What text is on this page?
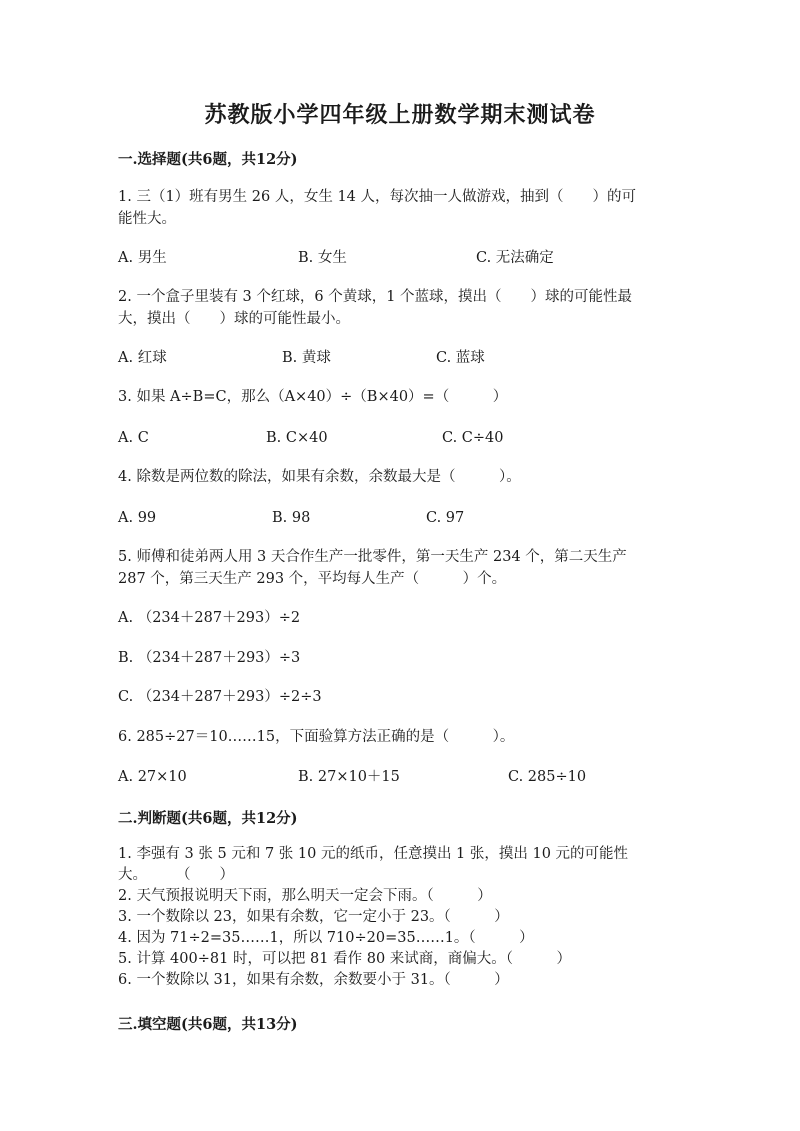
苏教版小学四年级上册数学期末测试卷
一.选择题(共6题，共12分)
1. 三（1）班有男生 26 人，女生 14 人，每次抽一人做游戏，抽到（　　）的可
能性大。
A. 男生	B. 女生	C. 无法确定
2. 一个盒子里装有 3 个红球，6 个黄球，1 个蓝球，摸出（　　）球的可能性最
大，摸出（　　）球的可能性最小。
A. 红球	B. 黄球	C. 蓝球
3. 如果 A÷B=C，那么（A×40）÷（B×40）=（　　　）
A. C	B. C×40	C. C÷40
4. 除数是两位数的除法，如果有余数，余数最大是（　　　）。
A. 99	B. 98	C. 97
5. 师傅和徒弟两人用 3 天合作生产一批零件，第一天生产 234 个，第二天生产
287 个，第三天生产 293 个，平均每人生产（　　　）个。
A. （234＋287＋293）÷2
B. （234＋287＋293）÷3
C. （234＋287＋293）÷2÷3
6. 285÷27＝10……15，下面验算方法正确的是（　　　）。
A. 27×10	B. 27×10＋15	C. 285÷10
二.判断题(共6题，共12分)
1. 李强有 3 张 5 元和 7 张 10 元的纸币，任意摸出 1 张，摸出 10 元的可能性
大。　　　（　　）
2. 天气预报说明天下雨，那么明天一定会下雨。（　　　）
3. 一个数除以 23，如果有余数，它一定小于 23。（　　　）
4. 因为 71÷2=35……1，所以 710÷20=35……1。（　　　）
5. 计算 400÷81 时，可以把 81 看作 80 来试商，商偏大。（　　　）
6. 一个数除以 31，如果有余数，余数要小于 31。（　　　）
三.填空题(共6题，共13分)
